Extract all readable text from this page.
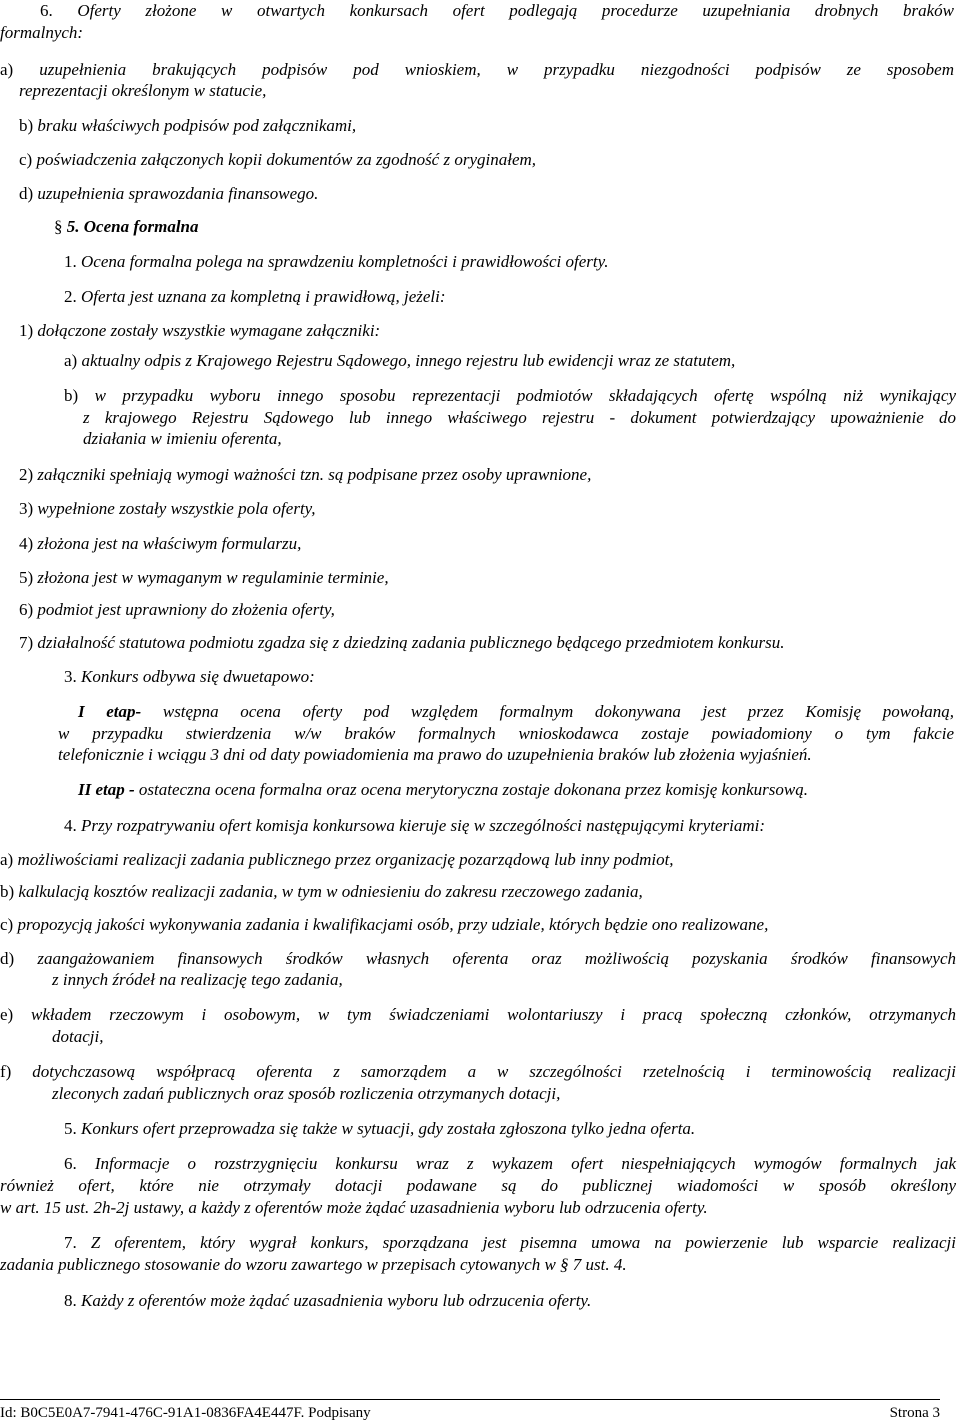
6. Oferty złożone w otwartych konkursach ofert podlegają procedurze uzupełniania drobnych braków

formalnych:

a) uzupełnienia brakujących podpisów pod wnioskiem, w przypadku niezgodności podpisów ze sposobem

reprezentacji określonym w statucie,

b) braku właściwych podpisów pod załącznikami,

c) poświadczenia załączonych kopii dokumentów za zgodność z oryginałem,

d) uzupełnienia sprawozdania finansowego.

§ 5. Ocena formalna

1. Ocena formalna polega na sprawdzeniu kompletności i prawidłowości oferty.

2. Oferta jest uznana za kompletną i prawidłową, jeżeli:

1) dołączone zostały wszystkie wymagane załączniki:

a) aktualny odpis z Krajowego Rejestru Sądowego, innego rejestru lub ewidencji wraz ze statutem,

b) w przypadku wyboru innego sposobu reprezentacji podmiotów składających ofertę wspólną niż wynikający

z krajowego Rejestru Sądowego lub innego właściwego rejestru - dokument potwierdzający upoważnienie do

działania w imieniu oferenta,

2) załączniki spełniają wymogi ważności tzn. są podpisane przez osoby uprawnione,

3) wypełnione zostały wszystkie pola oferty,

4) złożona jest na właściwym formularzu,

5) złożona jest w wymaganym w regulaminie terminie,

6) podmiot jest uprawniony do złożenia oferty,

7) działalność statutowa podmiotu zgadza się z dziedziną zadania publicznego będącego przedmiotem konkursu.

3. Konkurs odbywa się dwuetapowo:

I etap- wstępna ocena oferty pod względem formalnym dokonywana jest przez Komisję powołaną,

w przypadku stwierdzenia w/w braków formalnych wnioskodawca zostaje powiadomiony o tym fakcie

telefonicznie i wciągu 3 dni od daty powiadomienia ma prawo do uzupełnienia braków lub złożenia wyjaśnień.

II etap - ostateczna ocena formalna oraz ocena merytoryczna zostaje dokonana przez komisję konkursową.

4. Przy rozpatrywaniu ofert komisja konkursowa kieruje się w szczególności następującymi kryteriami:

a) możliwościami realizacji zadania publicznego przez organizację pozarządową lub inny podmiot,

b) kalkulacją kosztów realizacji zadania, w tym w odniesieniu do zakresu rzeczowego zadania,

c) propozycją jakości wykonywania zadania i kwalifikacjami osób, przy udziale, których będzie ono realizowane,

d) zaangażowaniem finansowych środków własnych oferenta oraz możliwością pozyskania środków finansowych

z innych źródeł na realizację tego zadania,

e) wkładem rzeczowym i osobowym, w tym świadczeniami wolontariuszy i pracą społeczną członków, otrzymanych

dotacji,

f) dotychczasową współpracą oferenta z samorządem a w szczególności rzetelnością i terminowością realizacji

zleconych zadań publicznych oraz sposób rozliczenia otrzymanych dotacji,

5. Konkurs ofert przeprowadza się także w sytuacji, gdy została zgłoszona tylko jedna oferta.

6. Informacje o rozstrzygnięciu konkursu wraz z wykazem ofert niespełniających wymogów formalnych jak

również ofert, które nie otrzymały dotacji podawane są do publicznej wiadomości w sposób określony

w art. 15 ust. 2h-2j ustawy, a każdy z oferentów może żądać uzasadnienia wyboru lub odrzucenia oferty.

7. Z oferentem, który wygrał konkurs, sporządzana jest pisemna umowa na powierzenie lub wsparcie realizacji

zadania publicznego stosowanie do wzoru zawartego w przepisach cytowanych w § 7 ust. 4.

8. Każdy z oferentów może żądać uzasadnienia wyboru lub odrzucenia oferty.

Id: B0C5E0A7-7941-476C-91A1-0836FA4E447F. Podpisany	Strona 3
